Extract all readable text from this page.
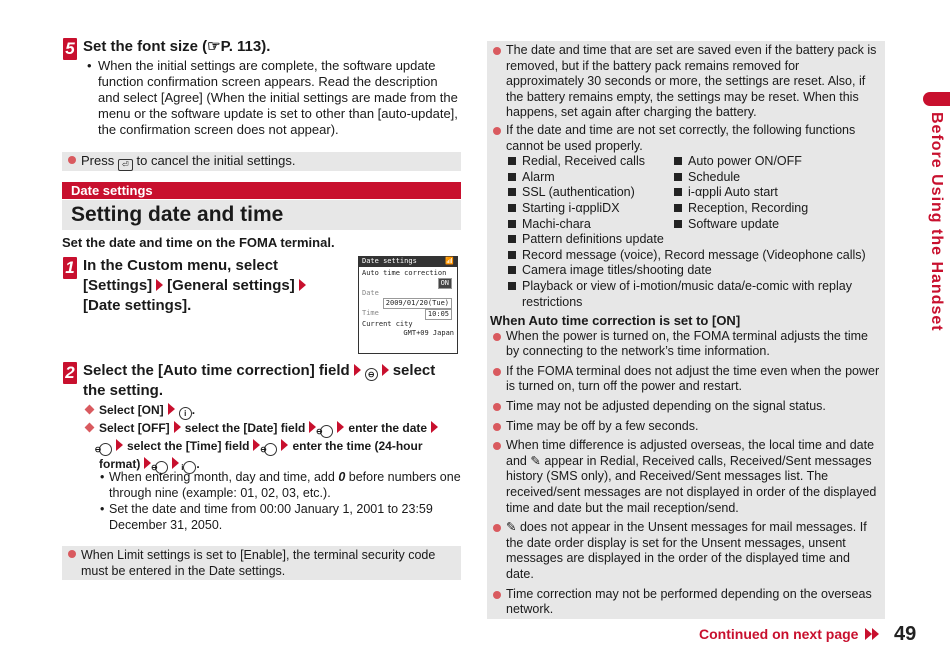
5 Set the font size (☞P. 113).
• When the initial settings are complete, the software update function confirmation screen appears. Read the description and select [Agree] (When the initial settings are made from the menu or the software update is set to other than [auto-update], the confirmation screen does not appear).
Press ⏎ to cancel the initial settings.
Date settings
Setting date and time
Set the date and time on the FOMA terminal.
1 In the Custom menu, select
[Settings] [General settings]
[Date settings].
Date settings	📶
Auto time correction
ON
Date
2009/01/20(Tue)
Time	10:05
Current city
GMT+09 Japan
2 Select the [Auto time correction] field ⊖ select
the setting.
Select [ON]	i .
Select [OFF] select the [Date] field ⊖ enter the date
⊖ select the [Time] field ⊖ enter the time (24-hour
format) ⊖	i .
• When entering month, day and time, add 0 before numbers one through nine (example: 01, 02, 03, etc.).
• Set the date and time from 00:00 January 1, 2001 to 23:59 December 31, 2050.
When Limit settings is set to [Enable], the terminal security code must be entered in the Date settings.
The date and time that are set are saved even if the battery pack is removed, but if the battery pack remains removed for approximately 30 seconds or more, the settings are reset. Also, if the battery remains empty, the settings may be reset. When this happens, set again after charging the battery.
If the date and time are not set correctly, the following functions cannot be used properly.
Redial, Received calls
Alarm
SSL (authentication)
Starting i-αppliDX
Machi-chara
Auto power ON/OFF
Schedule
i-αppli Auto start
Reception, Recording
Software update
Pattern definitions update
Record message (voice), Record message (Videophone calls)
Camera image titles/shooting date
Playback or view of i-motion/music data/e-comic with replay restrictions
When Auto time correction is set to [ON]
When the power is turned on, the FOMA terminal adjusts the time by connecting to the network’s time information.
If the FOMA terminal does not adjust the time even when the power is turned on, turn off the power and restart.
Time may not be adjusted depending on the signal status.
Time may be off by a few seconds.
When time difference is adjusted overseas, the local time and date and ✎ appear in Redial, Received calls, Received/Sent messages history (SMS only), and Received/Sent messages list. The received/sent messages are not displayed in order of the displayed time and date but the mail reception/send.
✎ does not appear in the Unsent messages for mail messages. If the date order display is set for the Unsent messages, unsent messages are displayed in the order of the displayed time and date.
Time correction may not be performed depending on the overseas network.
Before Using the Handset
Continued on next page	49
